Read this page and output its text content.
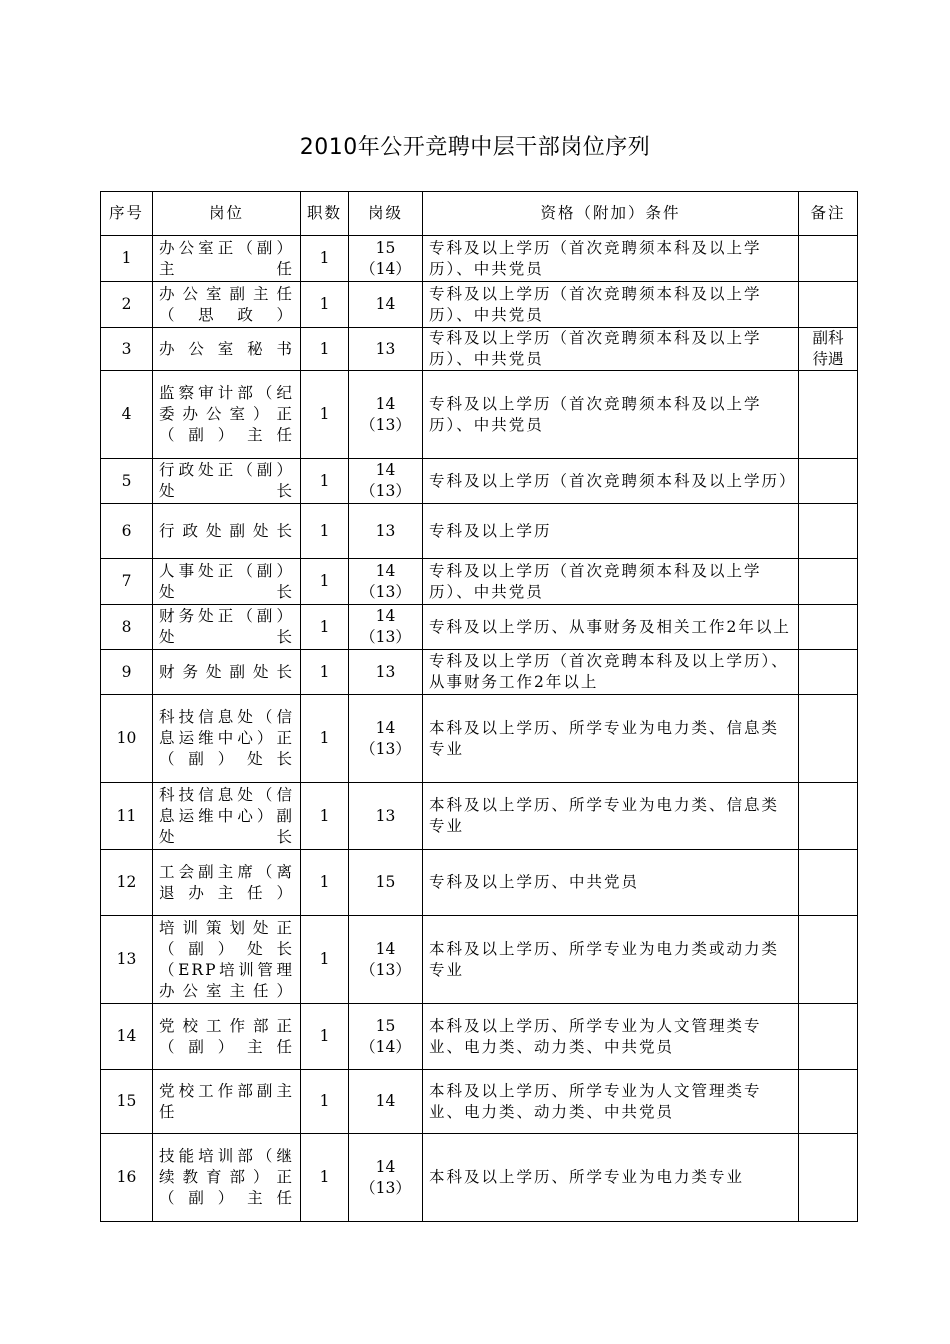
2010年公开竞聘中层干部岗位序列
序号	岗位	职数	岗级	资格（附加）条件	备注
1	办公室正（副）主任	1	15（14）	专科及以上学历（首次竞聘须本科及以上学历）、中共党员	
2	办公室副主任（思政）	1	14	专科及以上学历（首次竞聘须本科及以上学历）、中共党员	
3	办公室秘书	1	13	专科及以上学历（首次竞聘须本科及以上学历）、中共党员	副科待遇
4	监察审计部（纪委办公室）正（副）主任	1	14（13）	专科及以上学历（首次竞聘须本科及以上学历）、中共党员	
5	行政处正（副）处长	1	14（13）	专科及以上学历（首次竞聘须本科及以上学历）	
6	行政处副处长	1	13	专科及以上学历	
7	人事处正（副）处长	1	14（13）	专科及以上学历（首次竞聘须本科及以上学历）、中共党员	
8	财务处正（副）处长	1	14（13）	专科及以上学历、从事财务及相关工作2年以上	
9	财务处副处长	1	13	专科及以上学历（首次竞聘本科及以上学历）、从事财务工作2年以上	
10	科技信息处（信息运维中心）正（副）处长	1	14（13）	本科及以上学历、所学专业为电力类、信息类专业	
11	科技信息处（信息运维中心）副处长	1	13	本科及以上学历、所学专业为电力类、信息类专业	
12	工会副主席（离退办主任）	1	15	专科及以上学历、中共党员	
13	培训策划处正（副）处长（ERP培训管理办公室主任）	1	14（13）	本科及以上学历、所学专业为电力类或动力类专业	
14	党校工作部正（副）主任	1	15（14）	本科及以上学历、所学专业为人文管理类专业、电力类、动力类、中共党员	
15	党校工作部副主任	1	14	本科及以上学历、所学专业为人文管理类专业、电力类、动力类、中共党员	
16	技能培训部（继续教育部）正（副）主任	1	14（13）	本科及以上学历、所学专业为电力类专业	
